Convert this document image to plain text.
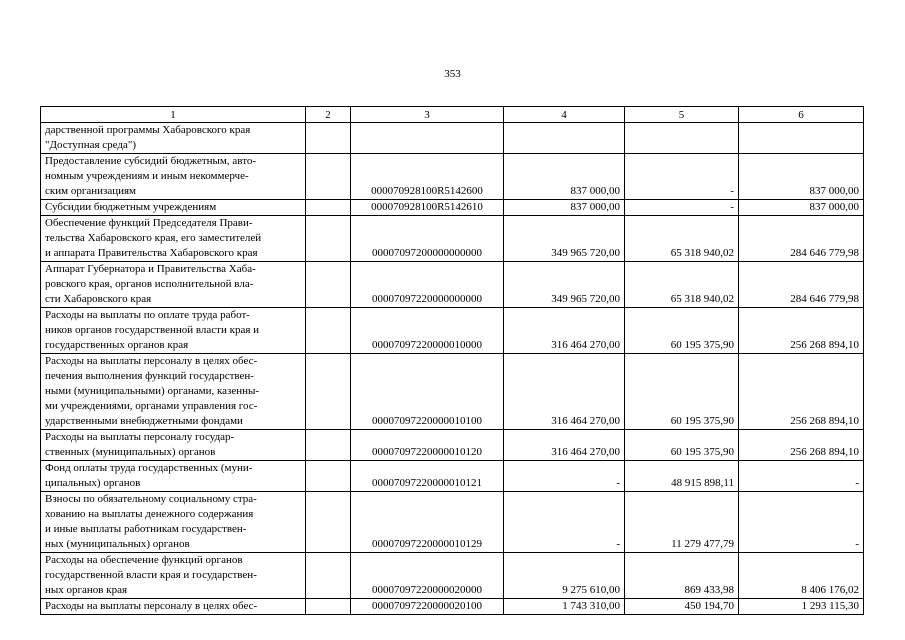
353
1	2	3	4	5	6

дарственной программы Хабаровского края
"Доступная среда")					

Предоставление субсидий бюджетным, авто-
номным учреждениям и иным некоммерче-
ским организациям		000070928100R5142600	837 000,00	-	837 000,00

Субсидии бюджетным учреждениям		000070928100R5142610	837 000,00	-	837 000,00

Обеспечение функций Председателя Прави-
тельства Хабаровского края, его заместителей
и аппарата Правительства Хабаровского края		00007097200000000000	349 965 720,00	65 318 940,02	284 646 779,98

Аппарат Губернатора и Правительства Хаба-
ровского края, органов исполнительной вла-
сти Хабаровского края		00007097220000000000	349 965 720,00	65 318 940,02	284 646 779,98

Расходы на выплаты по оплате труда работ-
ников органов государственной власти края и
государственных органов края		00007097220000010000	316 464 270,00	60 195 375,90	256 268 894,10

Расходы на выплаты персоналу в целях обес-
печения выполнения функций государствен-
ными (муниципальными) органами, казенны-
ми учреждениями, органами управления гос-
ударственными внебюджетными фондами		00007097220000010100	316 464 270,00	60 195 375,90	256 268 894,10

Расходы на выплаты персоналу государ-
ственных (муниципальных) органов		00007097220000010120	316 464 270,00	60 195 375,90	256 268 894,10

Фонд оплаты труда государственных (муни-
ципальных) органов		00007097220000010121	-	48 915 898,11	-

Взносы по обязательному социальному стра-
хованию на выплаты денежного содержания
и иные выплаты работникам государствен-
ных (муниципальных) органов		00007097220000010129	-	11 279 477,79	-

Расходы на обеспечение функций органов
государственной власти края и государствен-
ных органов края		00007097220000020000	9 275 610,00	869 433,98	8 406 176,02

Расходы на выплаты персоналу в целях обес-		00007097220000020100	1 743 310,00	450 194,70	1 293 115,30
